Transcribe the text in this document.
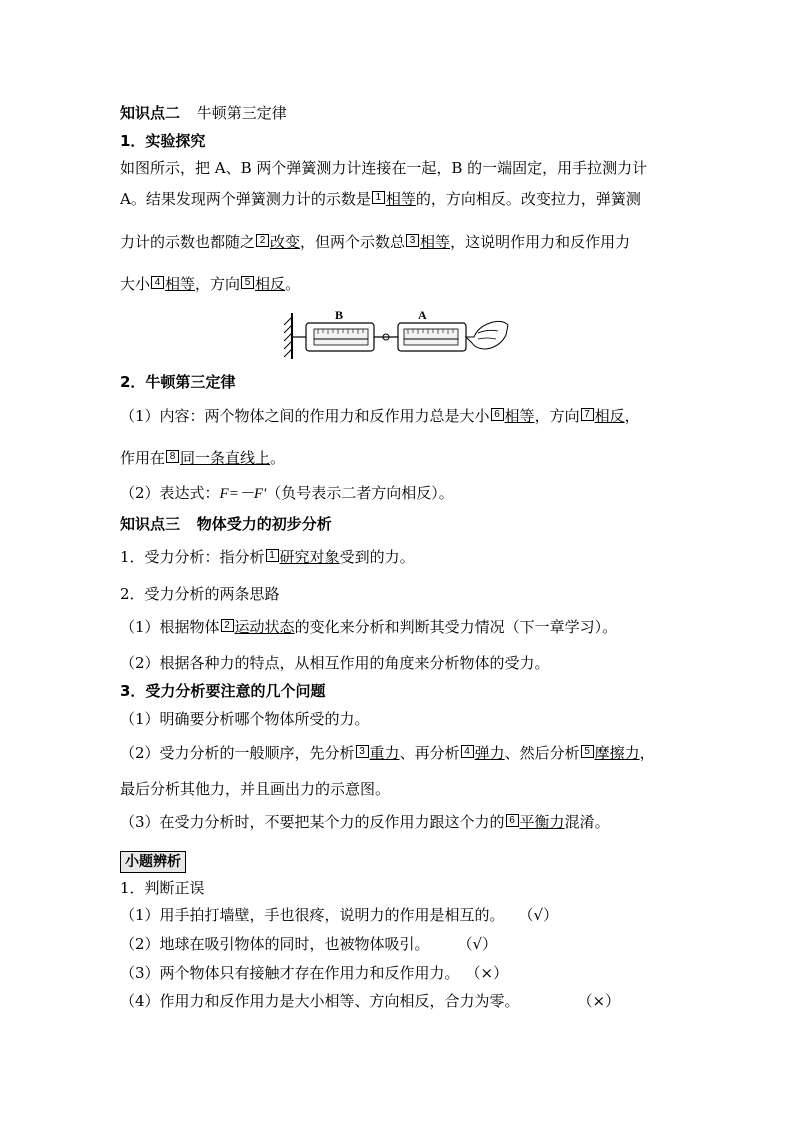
知识点二 牛顿第三定律
1．实验探究
如图所示，把 A、B 两个弹簧测力计连接在一起，B 的一端固定，用手拉测力计
A。结果发现两个弹簧测力计的示数是 1 相等的，方向相反。改变拉力，弹簧测
力计的示数也都随之 2 改变，但两个示数总 3 相等，这说明作用力和反作用力
大小 4 相等，方向 5 相反。
B	A
2．牛顿第三定律
（1）内容：两个物体之间的作用力和反作用力总是大小 6 相等，方向 7 相反，
作用在 8 同一条直线上。
（2）表达式：F=－F′（负号表示二者方向相反）。
知识点三 物体受力的初步分析
1．受力分析：指分析 1 研究对象受到的力。
2．受力分析的两条思路
（1）根据物体 2 运动状态的变化来分析和判断其受力情况（下一章学习）。
（2）根据各种力的特点，从相互作用的角度来分析物体的受力。
3．受力分析要注意的几个问题
（1）明确要分析哪个物体所受的力。
（2）受力分析的一般顺序，先分析 3 重力、再分析 4 弹力、然后分析 5 摩擦力，
最后分析其他力，并且画出力的示意图。
（3）在受力分析时，不要把某个力的反作用力跟这个力的 6 平衡力混淆。
小题辨析
1．判断正误
（1）用手拍打墙壁，手也很疼，说明力的作用是相互的。 （√）
（2）地球在吸引物体的同时，也被物体吸引。 （√）
（3）两个物体只有接触才存在作用力和反作用力。 （×）
（4）作用力和反作用力是大小相等、方向相反，合力为零。	（×）
